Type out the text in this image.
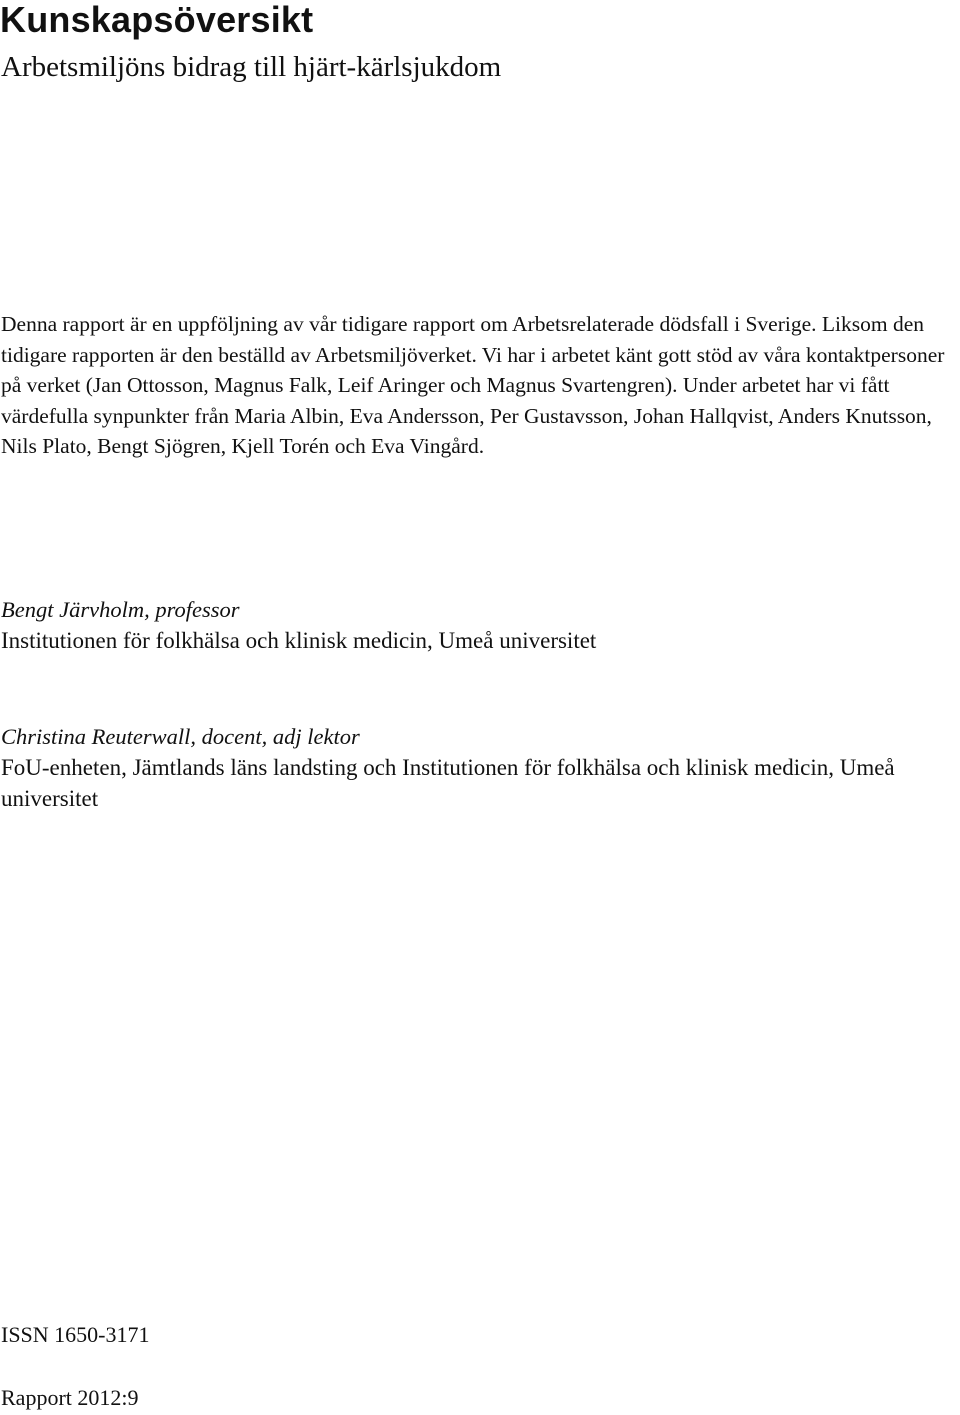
Kunskapsöversikt
Arbetsmiljöns bidrag till hjärt-kärlsjukdom

Denna rapport är en uppföljning av vår tidigare rapport om Arbetsrelaterade dödsfall i Sverige. Liksom den tidigare rapporten är den beställd av Arbetsmiljöverket. Vi har i arbetet känt gott stöd av våra kontaktpersoner på verket (Jan Ottosson, Magnus Falk, Leif Aringer och Magnus Svartengren). Under arbetet har vi fått värdefulla synpunkter från Maria Albin, Eva Andersson, Per Gustavsson, Johan Hallqvist, Anders Knutsson, Nils Plato, Bengt Sjögren, Kjell Torén och Eva Vingård.

Bengt Järvholm, professor
Institutionen för folkhälsa och klinisk medicin, Umeå universitet
Christina Reuterwall, docent, adj lektor
FoU-enheten, Jämtlands läns landsting och Institutionen för folkhälsa och klinisk medicin, Umeå universitet

ISSN 1650-3171

Rapport 2012:9
